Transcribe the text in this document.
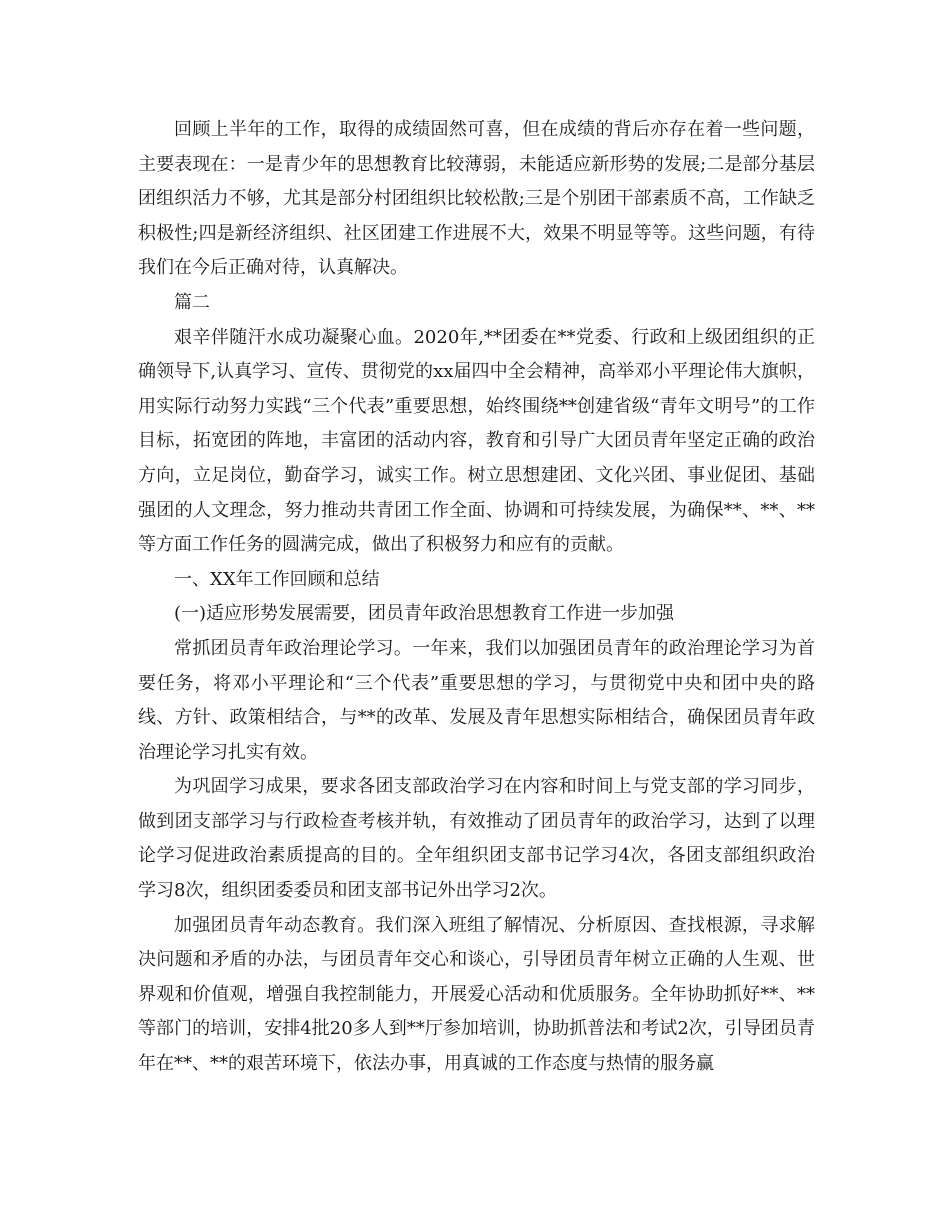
回顾上半年的工作，取得的成绩固然可喜，但在成绩的背后亦存在着一些问题，主要表现在：一是青少年的思想教育比较薄弱，未能适应新形势的发展;二是部分基层团组织活力不够，尤其是部分村团组织比较松散;三是个别团干部素质不高，工作缺乏积极性;四是新经济组织、社区团建工作进展不大，效果不明显等等。这些问题，有待我们在今后正确对待，认真解决。

篇二

艰辛伴随汗水成功凝聚心血。2020年,**团委在**党委、行政和上级团组织的正确领导下,认真学习、宣传、贯彻党的xx届四中全会精神，高举邓小平理论伟大旗帜，用实际行动努力实践“三个代表”重要思想，始终围绕**创建省级“青年文明号”的工作目标，拓宽团的阵地，丰富团的活动内容，教育和引导广大团员青年坚定正确的政治方向，立足岗位，勤奋学习，诚实工作。树立思想建团、文化兴团、事业促团、基础强团的人文理念，努力推动共青团工作全面、协调和可持续发展，为确保**、**、**等方面工作任务的圆满完成，做出了积极努力和应有的贡献。

一、XX年工作回顾和总结

(一)适应形势发展需要，团员青年政治思想教育工作进一步加强

常抓团员青年政治理论学习。一年来，我们以加强团员青年的政治理论学习为首要任务，将邓小平理论和“三个代表”重要思想的学习，与贯彻党中央和团中央的路线、方针、政策相结合，与**的改革、发展及青年思想实际相结合，确保团员青年政治理论学习扎实有效。

为巩固学习成果，要求各团支部政治学习在内容和时间上与党支部的学习同步，做到团支部学习与行政检查考核并轨，有效推动了团员青年的政治学习，达到了以理论学习促进政治素质提高的目的。全年组织团支部书记学习4次，各团支部组织政治学习8次，组织团委委员和团支部书记外出学习2次。

加强团员青年动态教育。我们深入班组了解情况、分析原因、查找根源，寻求解决问题和矛盾的办法，与团员青年交心和谈心，引导团员青年树立正确的人生观、世界观和价值观，增强自我控制能力，开展爱心活动和优质服务。全年协助抓好**、**等部门的培训，安排4批20多人到**厅参加培训，协助抓普法和考试2次，引导团员青年在**、**的艰苦环境下，依法办事，用真诚的工作态度与热情的服务赢
